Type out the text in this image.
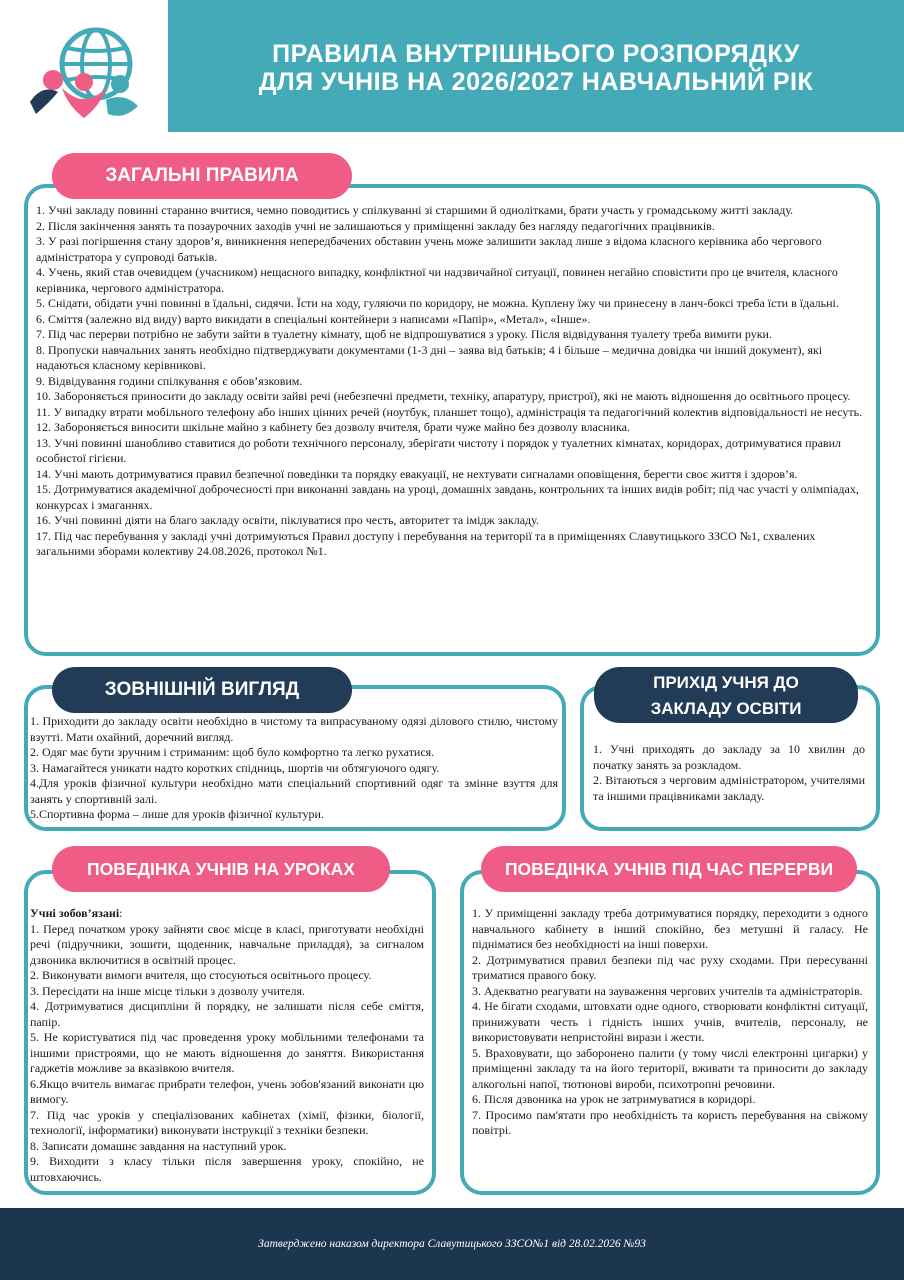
ПРАВИЛА ВНУТРІШНЬОГО РОЗПОРЯДКУ
ДЛЯ УЧНІВ НА 2026/2027 НАВЧАЛЬНИЙ РІК
ЗАГАЛЬНІ ПРАВИЛА

1. Учні закладу повинні старанно вчитися, чемно поводитись у спілкуванні зі старшими й однолітками, брати участь у громадському житті закладу.

2. Після закінчення занять та позаурочних заходів учні не залишаються у приміщенні закладу без нагляду педагогічних працівників.

3. У разі погіршення стану здоров’я, виникнення непередбачених обставин учень може залишити заклад лише з відома класного керівника або чергового адміністратора у супроводі батьків.

4. Учень, який став очевидцем (учасником) нещасного випадку, конфліктної чи надзвичайної ситуації, повинен негайно сповістити про це вчителя, класного керівника, чергового адміністратора.

5. Снідати, обідати учні повинні в їдальні, сидячи. Їсти на ходу, гуляючи по коридору, не можна. Куплену їжу чи принесену в ланч-боксі треба їсти в їдальні.

6. Сміття (залежно від виду) варто викидати в спеціальні контейнери з написами «Папір», «Метал», «Інше».

7. Під час перерви потрібно не забути зайти в туалетну кімнату, щоб не відпрошуватися з уроку. Після відвідування туалету треба вимити руки.

8. Пропуски навчальних занять необхідно підтверджувати документами (1-3 дні – заява від батьків; 4 і більше – медична довідка чи інший документ), які надаються класному керівникові.

9. Відвідування години спілкування є обов’язковим.

10. Забороняється приносити до закладу освіти зайві речі (небезпечні предмети, техніку, апаратуру, пристрої), які не мають відношення до освітнього процесу.

11. У випадку втрати мобільного телефону або інших цінних речей (ноутбук, планшет тощо), адміністрація та педагогічний колектив відповідальності не несуть.

12. Забороняється виносити шкільне майно з кабінету без дозволу вчителя, брати чуже майно без дозволу власника.

13. Учні повинні шанобливо ставитися до роботи технічного персоналу, зберігати чистоту і порядок у туалетних кімнатах, коридорах, дотримуватися правил особистої гігієни.

14. Учні мають дотримуватися правил безпечної поведінки та порядку евакуації, не нехтувати сигналами оповіщення, берегти своє життя і здоров’я.

15. Дотримуватися академічної доброчесності при виконанні завдань на уроці, домашніх завдань, контрольних та інших видів робіт; під час участі у олімпіадах, конкурсах і змаганнях.

16. Учні повинні діяти на благо закладу освіти, піклуватися про честь, авторитет та імідж закладу.

17. Під час перебування у закладі учні дотримуються Правил доступу і перебування на території та в приміщеннях Славутицького ЗЗСО №1, схвалених загальними зборами колективу 24.08.2026, протокол №1.

ЗОВНІШНІЙ ВИГЛЯД

1. Приходити до закладу освіти необхідно в чистому та випрасуваному одязі ділового стилю, чистому взутті. Мати охайний, доречний вигляд.

2. Одяг має бути зручним і стриманим: щоб було комфортно та легко рухатися.

3. Намагайтеся уникати надто коротких спідниць, шортів чи обтягуючого одягу.

4.Для уроків фізичної культури необхідно мати спеціальний спортивний одяг та змінне взуття для занять у спортивній залі.

5.Спортивна форма – лише для уроків фізичної культури.

ПРИХІД УЧНЯ ДО
ЗАКЛАДУ ОСВІТИ

1. Учні приходять до закладу за 10 хвилин до початку занять за розкладом.

2. Вітаються з черговим адміністратором, учителями та іншими працівниками закладу.

ПОВЕДІНКА УЧНІВ НА УРОКАХ

Учні зобов’язані:

1. Перед початком уроку зайняти своє місце в класі, приготувати необхідні речі (підручники, зошити, щоденник, навчальне приладдя), за сигналом дзвоника включитися в освітній процес.

2. Виконувати вимоги вчителя, що стосуються освітнього процесу.

3. Пересідати на інше місце тільки з дозволу учителя.

4. Дотримуватися дисципліни й порядку, не залишати після себе сміття, папір.

5. Не користуватися під час проведення уроку мобільними телефонами та іншими пристроями, що не мають відношення до заняття. Використання гаджетів можливе за вказівкою вчителя.

6.Якщо вчитель вимагає прибрати телефон, учень зобов'язаний виконати цю вимогу.

7. Під час уроків у спеціалізованих кабінетах (хімії, фізики, біології, технології, інформатики) виконувати інструкції з техніки безпеки.

8. Записати домашнє завдання на наступний урок.

9. Виходити з класу тільки після завершення уроку, спокійно, не штовхаючись.

ПОВЕДІНКА УЧНІВ ПІД ЧАС ПЕРЕРВИ

1. У приміщенні закладу треба дотримуватися порядку, переходити з одного навчального кабінету в інший спокійно, без метушні й галасу. Не підніматися без необхідності на інші поверхи.

2. Дотримуватися правил безпеки під час руху сходами. При пересуванні триматися правого боку.

3. Адекватно реагувати на зауваження чергових учителів та адміністраторів.

4. Не бігати сходами, штовхати одне одного, створювати конфліктні ситуації, принижувати честь і гідність інших учнів, вчителів, персоналу, не використовувати непристойні вирази і жести.

5. Враховувати, що заборонено палити (у тому числі електронні цигарки) у приміщенні закладу та на його території, вживати та приносити до закладу алкогольні напої, тютюнові вироби, психотропні речовини.

6. Після дзвоника на урок не затримуватися в коридорі.

7. Просимо пам'ятати про необхідність та користь перебування на свіжому повітрі.

Затверджено наказом директора Славутицького ЗЗСО№1 від 28.02.2026 №93
